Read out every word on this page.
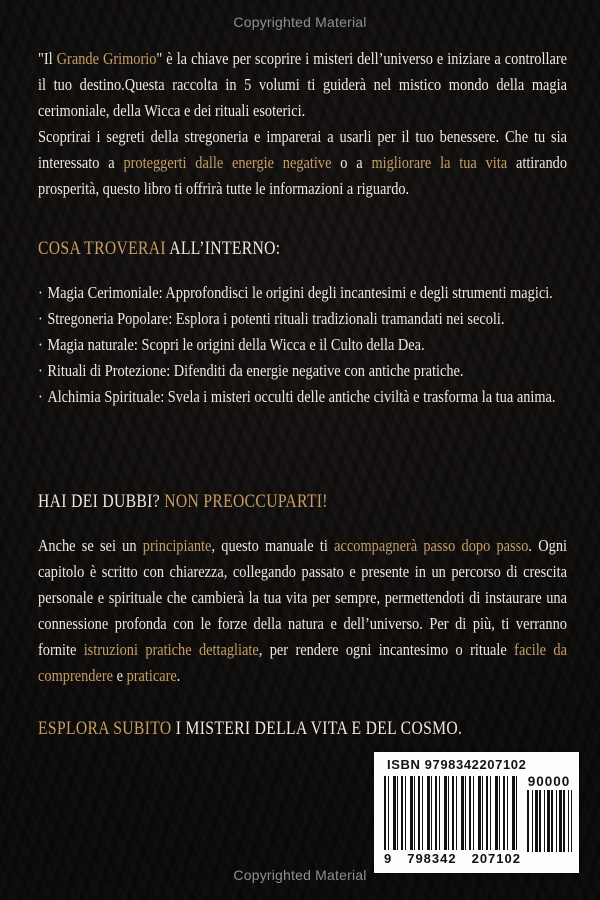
Copyrighted Material

"Il Grande Grimorio" è la chiave per scoprire i misteri dell’universo e iniziare a controllare il tuo destino.Questa raccolta in 5 volumi ti guiderà nel mistico mondo della magia cerimoniale, della Wicca e dei rituali esoterici.

Scoprirai i segreti della stregoneria e imparerai a usarli per il tuo benessere. Che tu sia interessato a proteggerti dalle energie negative o a migliorare la tua vita attirando prosperità, questo libro ti offrirà tutte le informazioni a riguardo.

COSA TROVERAI ALL’INTERNO:

· Magia Cerimoniale: Approfondisci le origini degli incantesimi e degli strumenti magici.

· Stregoneria Popolare: Esplora i potenti rituali tradizionali tramandati nei secoli.

· Magia naturale: Scopri le origini della Wicca e il Culto della Dea.

· Rituali di Protezione: Difenditi da energie negative con antiche pratiche.

· Alchimia Spirituale: Svela i misteri occulti delle antiche civiltà e trasforma la tua anima.

HAI DEI DUBBI? NON PREOCCUPARTI!

Anche se sei un principiante, questo manuale ti accompagnerà passo dopo passo. Ogni capitolo è scritto con chiarezza, collegando passato e presente in un percorso di crescita personale e spirituale che cambierà la tua vita per sempre, permettendoti di instaurare una connessione profonda con le forze della natura e dell’universo. Per di più, ti verranno fornite istruzioni pratiche dettagliate, per rendere ogni incantesimo o rituale facile da comprendere e praticare.

ESPLORA SUBITO I MISTERI DELLA VITA E DEL COSMO.

ISBN 9798342207102
9 798342 207102
90000
Copyrighted Material
